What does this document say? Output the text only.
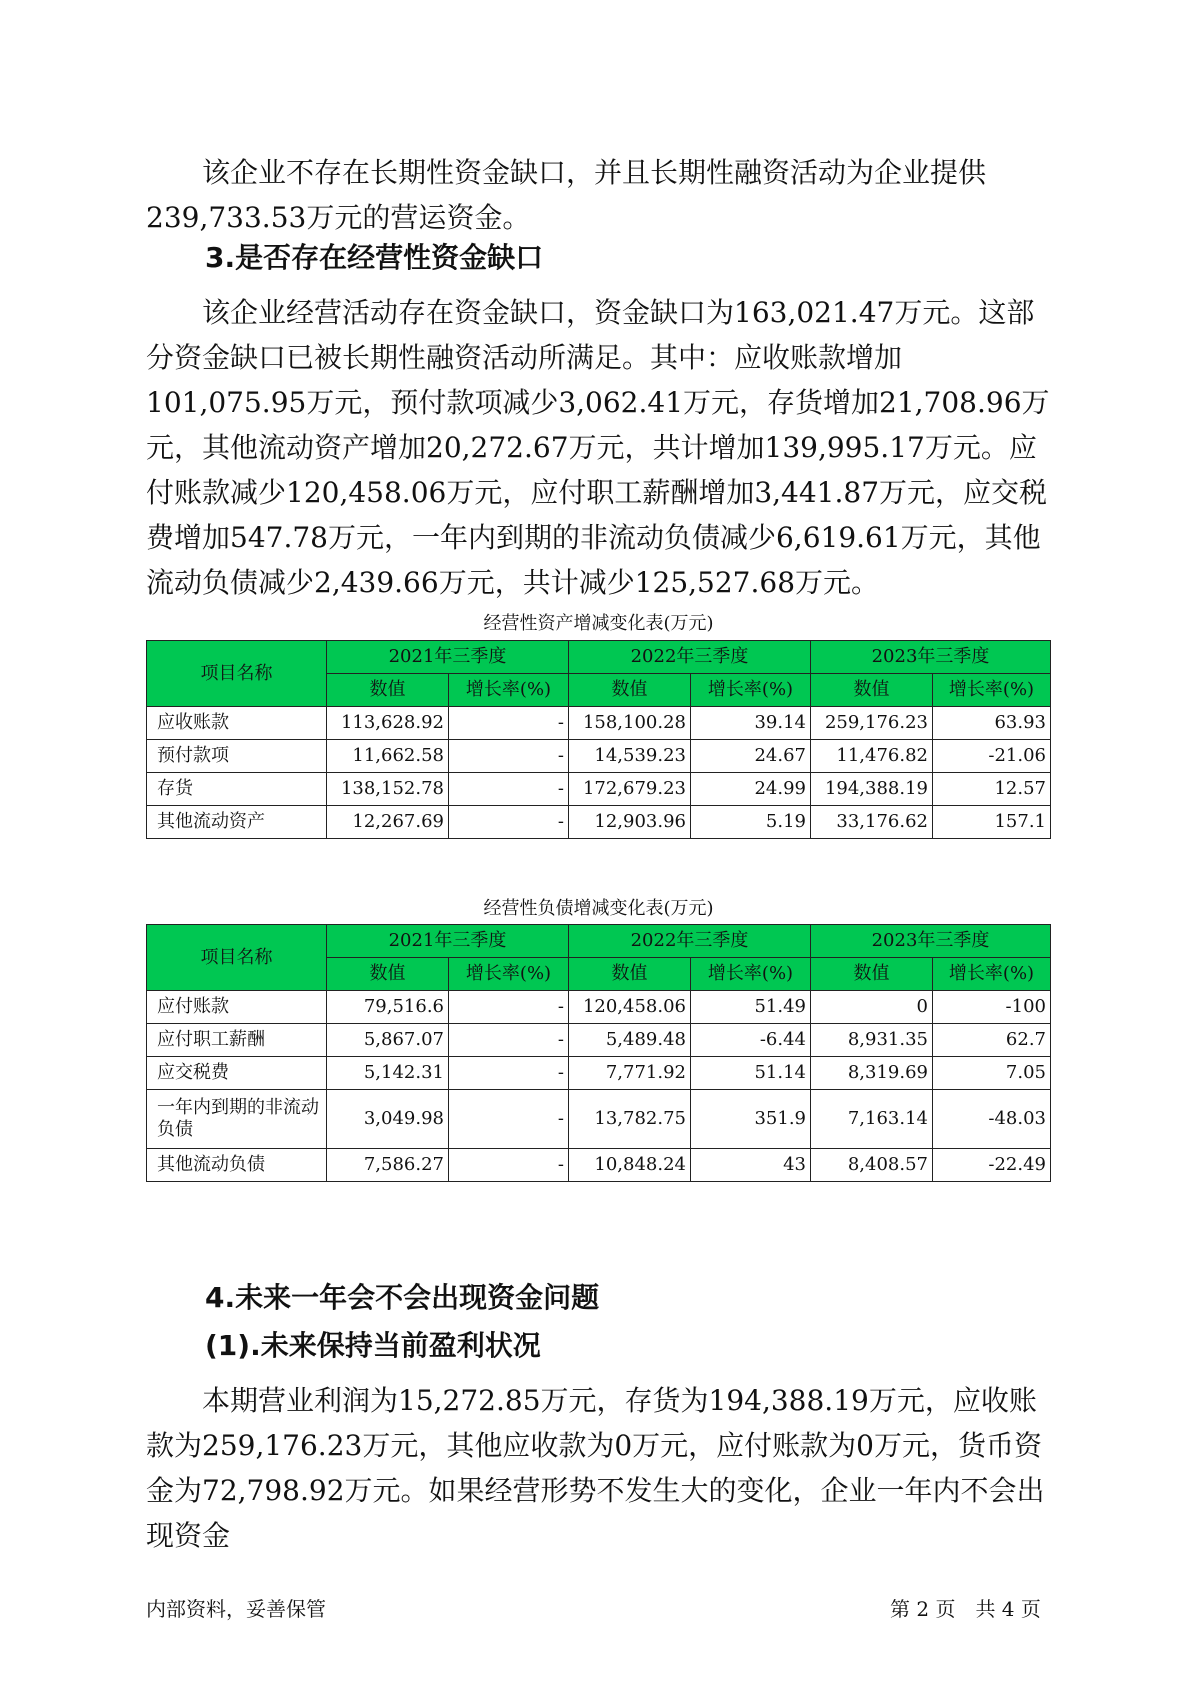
该企业不存在长期性资金缺口，并且长期性融资活动为企业提供239,733.53万元的营运资金。

3.是否存在经营性资金缺口

该企业经营活动存在资金缺口，资金缺口为163,021.47万元。这部分资金缺口已被长期性融资活动所满足。其中：应收账款增加101,075.95万元，预付款项减少3,062.41万元，存货增加21,708.96万元，其他流动资产增加20,272.67万元，共计增加139,995.17万元。应付账款减少120,458.06万元，应付职工薪酬增加3,441.87万元，应交税费增加547.78万元，一年内到期的非流动负债减少6,619.61万元，其他流动负债减少2,439.66万元，共计减少125,527.68万元。

经营性资产增减变化表(万元)
项目名称	2021年三季度		2022年三季度		2023年三季度	
	数值	增长率(%)	数值	增长率(%)	数值	增长率(%)
应收账款	113,628.92	-	158,100.28	39.14	259,176.23	63.93
预付款项	11,662.58	-	14,539.23	24.67	11,476.82	-21.06
存货	138,152.78	-	172,679.23	24.99	194,388.19	12.57
其他流动资产	12,267.69	-	12,903.96	5.19	33,176.62	157.1
经营性负债增减变化表(万元)
项目名称	2021年三季度		2022年三季度		2023年三季度	
	数值	增长率(%)	数值	增长率(%)	数值	增长率(%)
应付账款	79,516.6	-	120,458.06	51.49	0	-100
应付职工薪酬	5,867.07	-	5,489.48	-6.44	8,931.35	62.7
应交税费	5,142.31	-	7,771.92	51.14	8,319.69	7.05
一年内到期的非流动负债	3,049.98	-	13,782.75	351.9	7,163.14	-48.03
其他流动负债	7,586.27	-	10,848.24	43	8,408.57	-22.49
4.未来一年会不会出现资金问题
(1).未来保持当前盈利状况

本期营业利润为15,272.85万元，存货为194,388.19万元，应收账款为259,176.23万元，其他应收款为0万元，应付账款为0万元，货币资金为72,798.92万元。如果经营形势不发生大的变化，企业一年内不会出现资金

内部资料，妥善保管	第 2 页　共 4 页
